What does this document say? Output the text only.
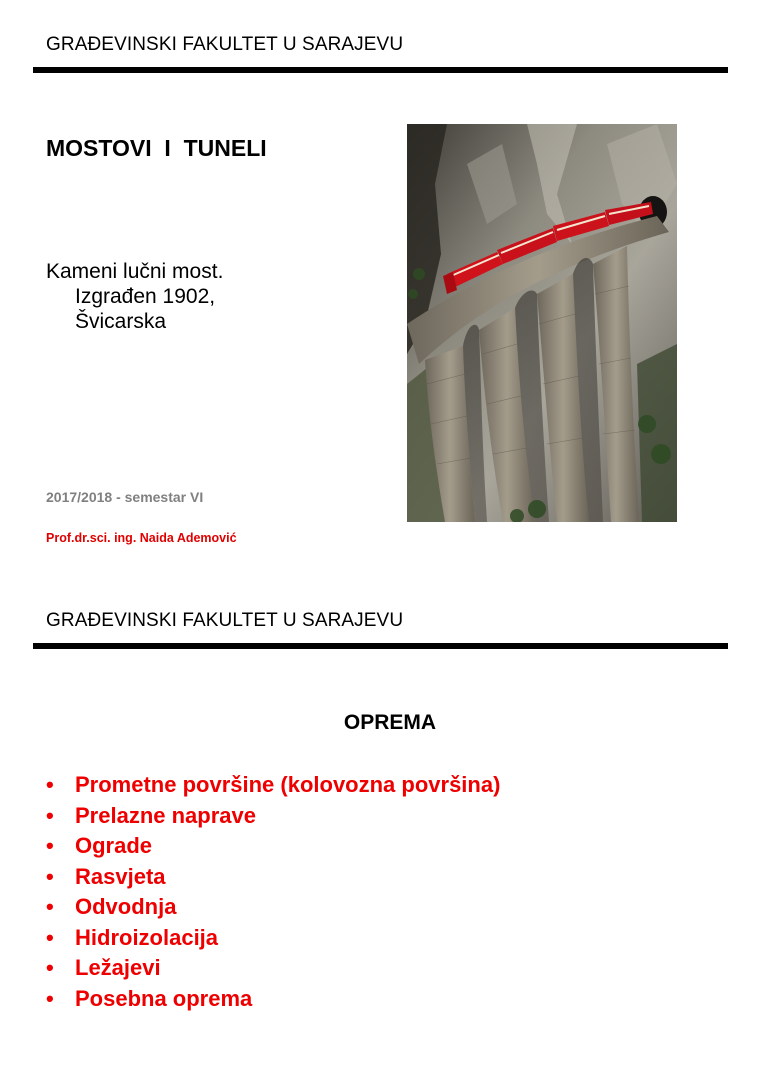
GRAĐEVINSKI FAKULTET U SARAJEVU
MOSTOVI  I  TUNELI
Kameni lučni most.
Izgrađen 1902,
Švicarska
2017/2018 - semestar VI
Prof.dr.sci. ing. Naida Ademović
GRAĐEVINSKI FAKULTET U SARAJEVU
OPREMA
• Prometne površine (kolovozna površina)
• Prelazne naprave
• Ograde
• Rasvjeta
• Odvodnja
• Hidroizolacija
• Ležajevi
• Posebna oprema
